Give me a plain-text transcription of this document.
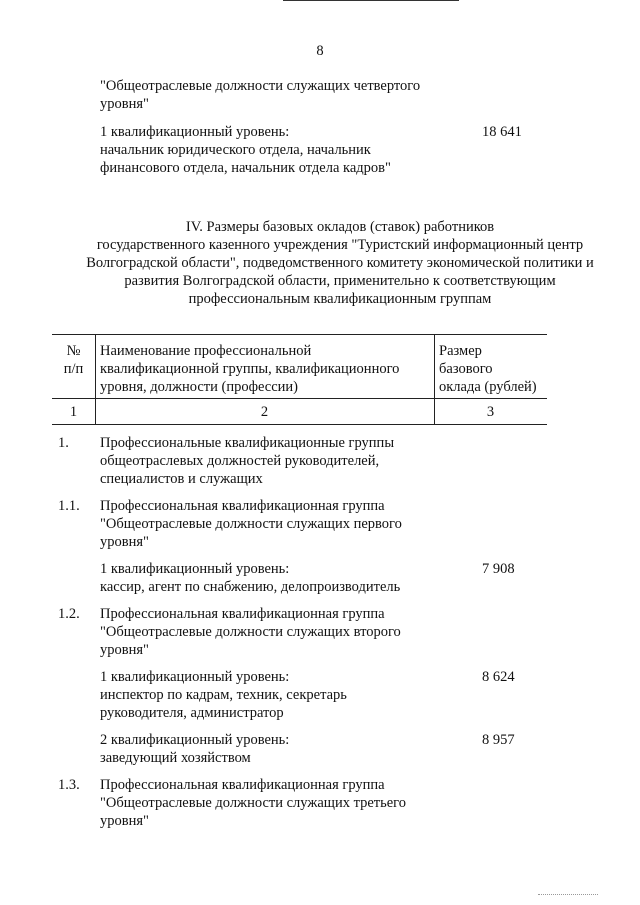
8
"Общеотраслевые должности служащих четвертого
уровня"
1 квалификационный уровень:
начальник юридического отдела, начальник
финансового отдела, начальник отдела кадров"
18 641
IV. Размеры базовых окладов (ставок) работников
государственного казенного учреждения "Туристский информационный центр
Волгоградской области", подведомственного комитету экономической политики и
развития Волгоградской области, применительно к соответствующим
профессиональным квалификационным группам
№
п/п
Наименование профессиональной
квалификационной группы, квалификационного
уровня, должности (профессии)
Размер
базового
оклада (рублей)
1	2	3
1. Профессиональные квалификационные группы
общеотраслевых должностей руководителей,
специалистов и служащих
1.1. Профессиональная квалификационная группа
"Общеотраслевые должности служащих первого
уровня"
1 квалификационный уровень:
кассир, агент по снабжению, делопроизводитель
7 908
1.2. Профессиональная квалификационная группа
"Общеотраслевые должности служащих второго
уровня"
1 квалификационный уровень:
инспектор по кадрам, техник, секретарь
руководителя, администратор
8 624
2 квалификационный уровень:
заведующий хозяйством
8 957
1.3. Профессиональная квалификационная группа
"Общеотраслевые должности служащих третьего
уровня"
